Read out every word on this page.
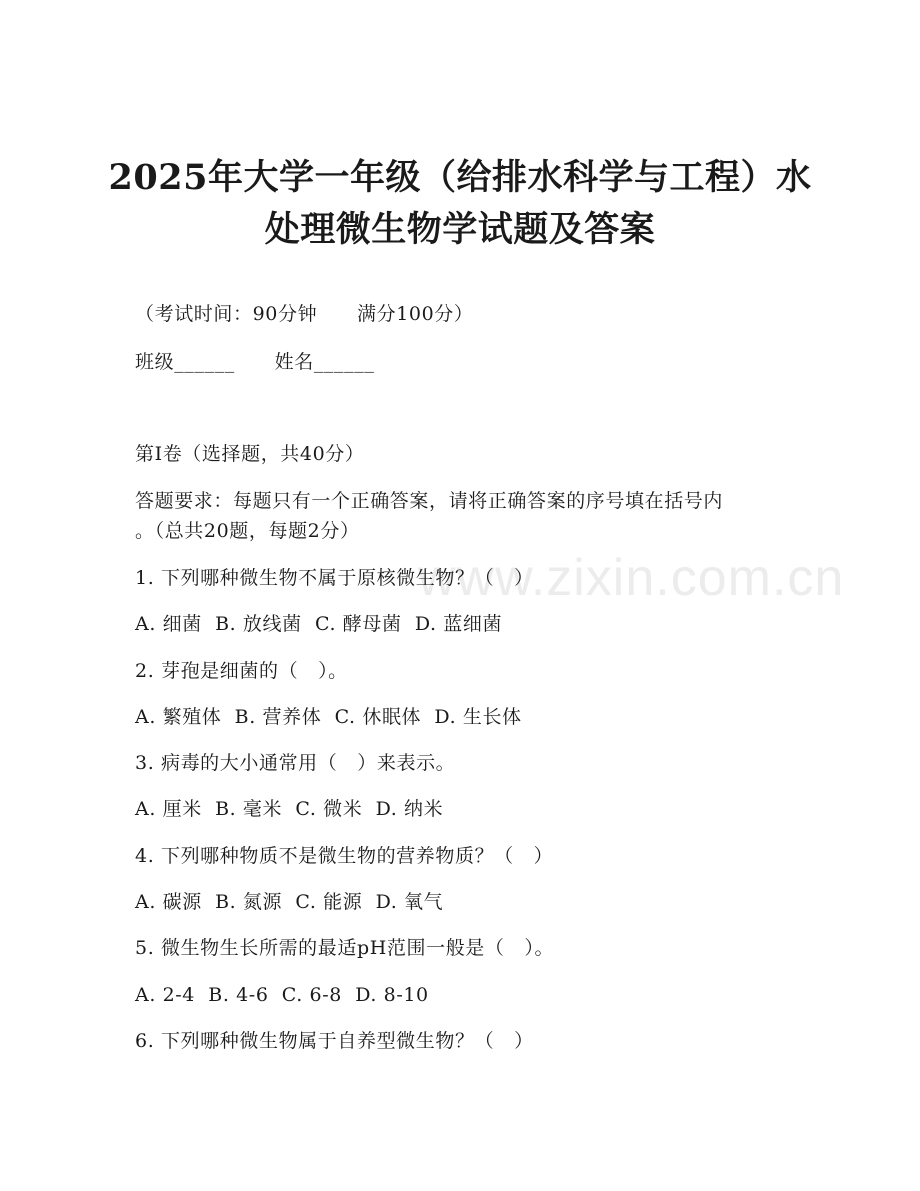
www.zixin.com.cn
2025年大学一年级（给排水科学与工程）水
处理微生物学试题及答案
（考试时间：90分钟      满分100分）
班级______      姓名______
第I卷（选择题，共40分）
答题要求：每题只有一个正确答案，请将正确答案的序号填在括号内
。（总共20题，每题2分）
1. 下列哪种微生物不属于原核微生物？（   ）
A. 细菌  B. 放线菌  C. 酵母菌  D. 蓝细菌
2. 芽孢是细菌的（   ）。
A. 繁殖体  B. 营养体  C. 休眠体  D. 生长体
3. 病毒的大小通常用（   ）来表示。
A. 厘米  B. 毫米  C. 微米  D. 纳米
4. 下列哪种物质不是微生物的营养物质？（   ）
A. 碳源  B. 氮源  C. 能源  D. 氧气
5. 微生物生长所需的最适pH范围一般是（   ）。
A. 2-4  B. 4-6  C. 6-8  D. 8-10
6. 下列哪种微生物属于自养型微生物？（   ）
